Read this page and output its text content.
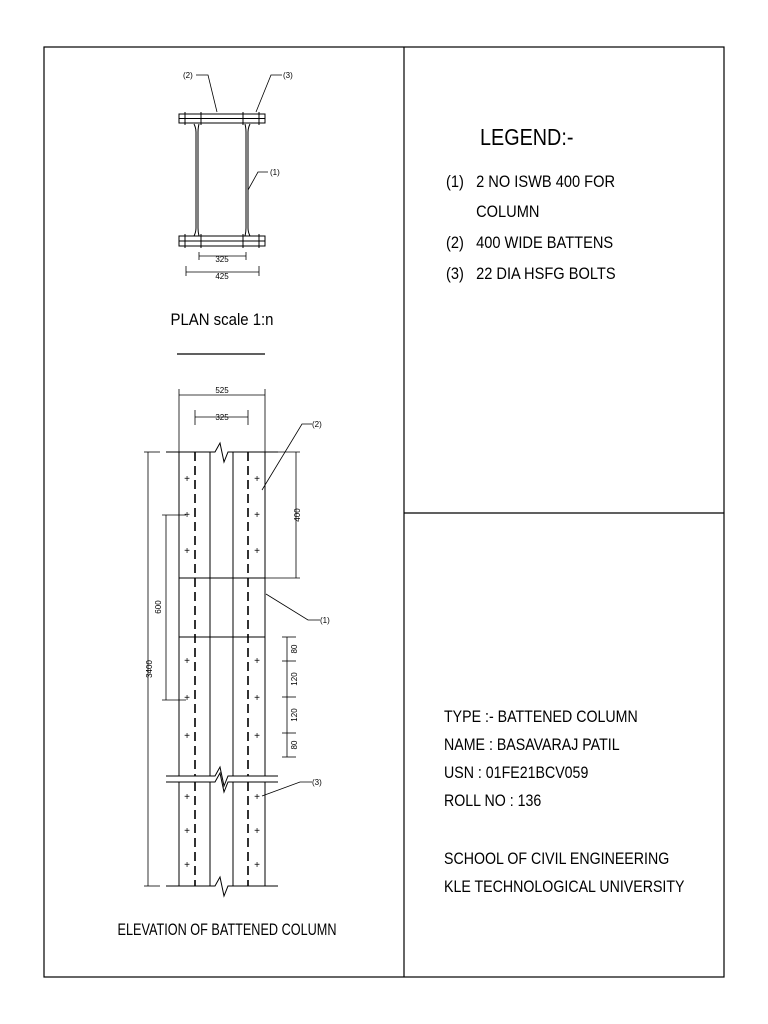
(2)	(3)
(1)
325
425
PLAN scale 1:n
525
325
+
+
+
+
+
+
+
+
+
+
+
+
+
+
+
+
+
+
3400
600
400
80
120
120
80
(2)
(1)
(3)
ELEVATION OF BATTENED COLUMN
LEGEND:-
(1) 2 NO ISWB 400 FOR
COLUMN
(2) 400 WIDE BATTENS
(3) 22 DIA HSFG BOLTS
TYPE :- BATTENED COLUMN
NAME : BASAVARAJ PATIL
USN : 01FE21BCV059
ROLL NO : 136
SCHOOL OF CIVIL ENGINEERING
KLE TECHNOLOGICAL UNIVERSITY
